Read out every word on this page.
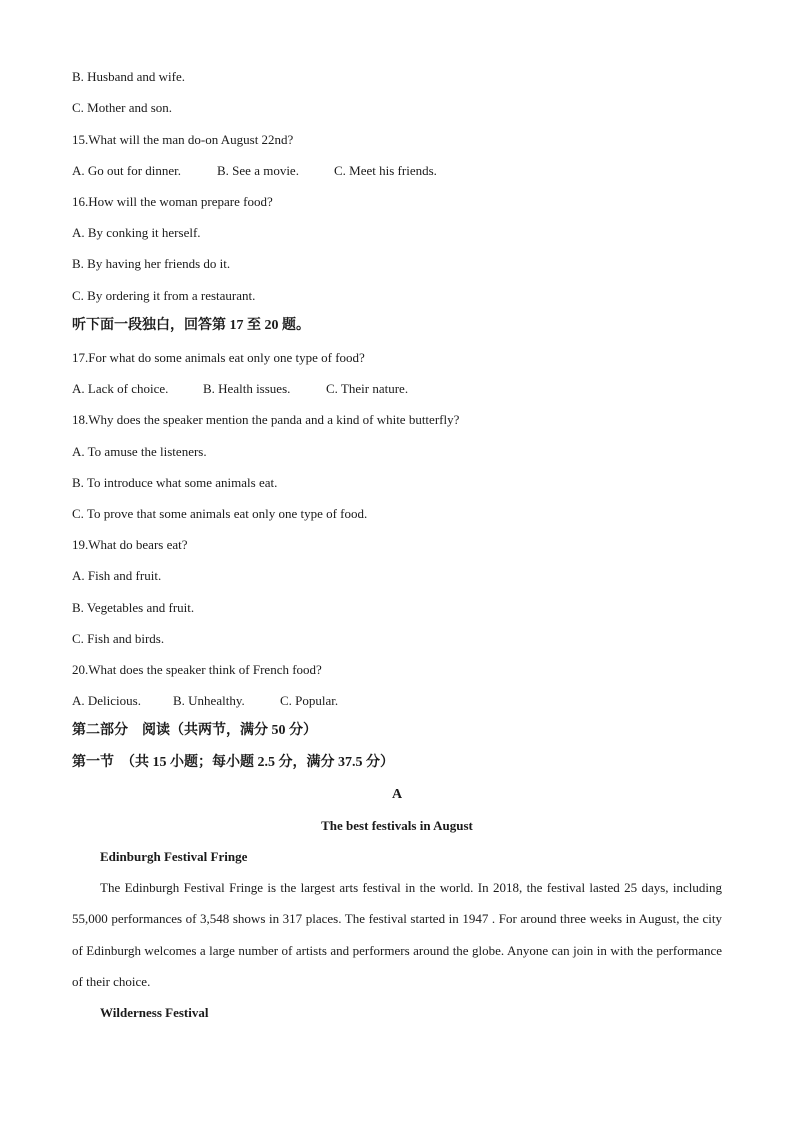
B. Husband and wife.
C. Mother and son.
15.What will the man do-on August 22nd?
A. Go out for dinner.	B. See a movie.	C. Meet his friends.
16.How will the woman prepare food?
A. By conking it herself.
B. By having her friends do it.
C. By ordering it from a restaurant.
听下面一段独白，回答第 17 至 20 题。
17.For what do some animals eat only one type of food?
A. Lack of choice.	B. Health issues.	C. Their nature.
18.Why does the speaker mention the panda and a kind of white butterfly?
A. To amuse the listeners.
B. To introduce what some animals eat.
C. To prove that some animals eat only one type of food.
19.What do bears eat?
A. Fish and fruit.
B. Vegetables and fruit.
C. Fish and birds.
20.What does the speaker think of French food?
A. Delicious. B. Unhealthy.	C. Popular.
第二部分　阅读（共两节，满分 50 分）
第一节　（共 15 小题；每小题 2.5 分，满分 37.5 分）
A
The best festivals in August
Edinburgh Festival Fringe
The Edinburgh Festival Fringe is the largest arts festival in the world. In 2018, the festival lasted 25 days, including 55,000 performances of 3,548 shows in 317 places. The festival started in 1947 . For around three weeks in August, the city of Edinburgh welcomes a large number of artists and performers around the globe. Anyone can join in with the performance of their choice.
Wilderness Festival
